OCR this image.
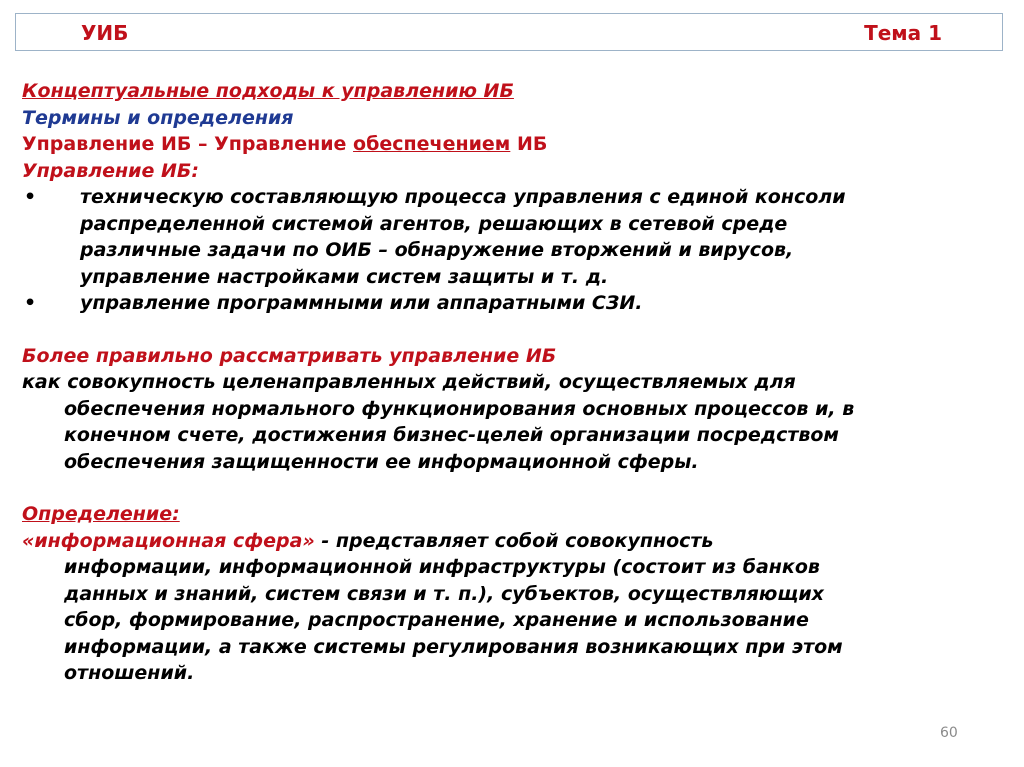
УИБ	Тема 1
Концептуальные подходы к управлению ИБ
Термины и определения
Управление ИБ – Управление обеспечением ИБ
Управление ИБ:
• техническую составляющую процесса управления с единой консоли
распределенной системой агентов, решающих в сетевой среде
различные задачи по ОИБ – обнаружение вторжений и вирусов,
управление настройками систем защиты и т. д.
• управление программными или аппаратными СЗИ.
Более правильно рассматривать управление ИБ
как совокупность целенаправленных действий, осуществляемых для
обеспечения нормального функционирования основных процессов и, в
конечном счете, достижения бизнес-целей организации посредством
обеспечения защищенности ее информационной сферы.
Определение:
«информационная сфера» - представляет собой совокупность
информации, информационной инфраструктуры (состоит из банков
данных и знаний, систем связи и т. п.), субъектов, осуществляющих
сбор, формирование, распространение, хранение и использование
информации, а также системы регулирования возникающих при этом
отношений.
60
